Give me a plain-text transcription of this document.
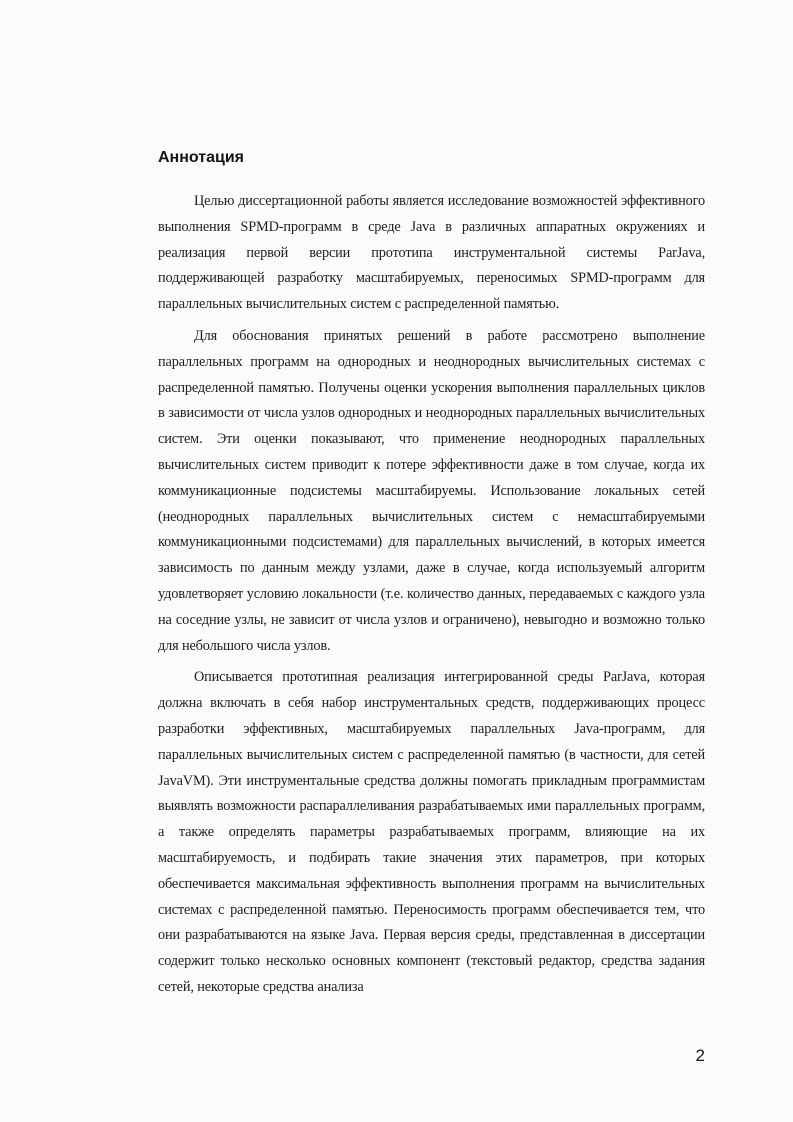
Аннотация

Целью диссертационной работы является исследование возможностей эффективного выполнения SPMD-программ в среде Java в различных аппаратных окружениях и реализация первой версии прототипа инструментальной системы ParJava, поддерживающей разработку масштабируемых, переносимых SPMD-программ для параллельных вычислительных систем с распределенной памятью.

Для обоснования принятых решений в работе рассмотрено выполнение параллельных программ на однородных и неоднородных вычислительных системах с распределенной памятью. Получены оценки ускорения выполнения параллельных циклов в зависимости от числа узлов однородных и неоднородных параллельных вычислительных систем. Эти оценки показывают, что применение неоднородных параллельных вычислительных систем приводит к потере эффективности даже в том случае, когда их коммуникационные подсистемы масштабируемы. Использование локальных сетей (неоднородных параллельных вычислительных систем с немасштабируемыми коммуникационными подсистемами) для параллельных вычислений, в которых имеется зависимость по данным между узлами, даже в случае, когда используемый алгоритм удовлетворяет условию локальности (т.е. количество данных, передаваемых с каждого узла на соседние узлы, не зависит от числа узлов и ограничено), невыгодно и возможно только для небольшого числа узлов.

Описывается прототипная реализация интегрированной среды ParJava, которая должна включать в себя набор инструментальных средств, поддерживающих процесс разработки эффективных, масштабируемых параллельных Java-программ, для параллельных вычислительных систем с распределенной памятью (в частности, для сетей JavaVM). Эти инструментальные средства должны помогать прикладным программистам выявлять возможности распараллеливания разрабатываемых ими параллельных программ, а также определять параметры разрабатываемых программ, влияющие на их масштабируемость, и подбирать такие значения этих параметров, при которых обеспечивается максимальная эффективность выполнения программ на вычислительных системах с распределенной памятью. Переносимость программ обеспечивается тем, что они разрабатываются на языке Java. Первая версия среды, представленная в диссертации содержит только несколько основных компонент (текстовый редактор, средства задания сетей, некоторые средства анализа

2
